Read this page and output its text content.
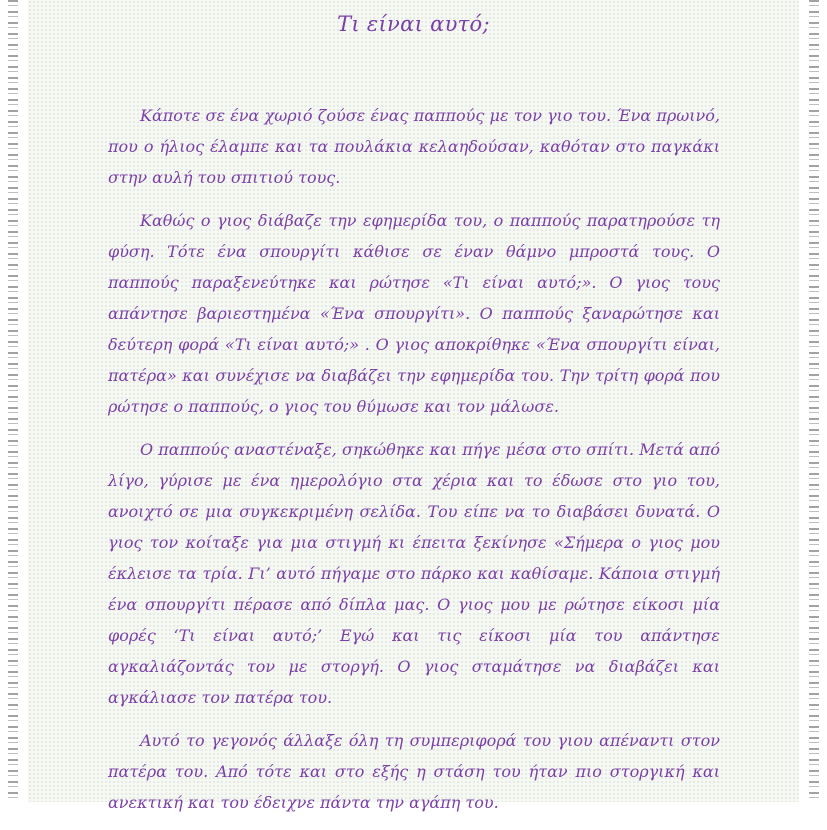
Τι είναι αυτό;

Κάποτε σε ένα χωριό ζούσε ένας παππούς με τον γιο του. Ένα πρωινό, που ο ήλιος έλαμπε και τα πουλάκια κελαηδούσαν, καθόταν στο παγκάκι στην αυλή του σπιτιού τους.

Καθώς ο γιος διάβαζε την εφημερίδα του, ο παππούς παρατηρούσε τη φύση. Τότε ένα σπουργίτι κάθισε σε έναν θάμνο μπροστά τους. Ο παππούς παραξενεύτηκε και ρώτησε «Τι είναι αυτό;». Ο γιος τους απάντησε βαριεστημένα «Ένα σπουργίτι». Ο παππούς ξαναρώτησε και δεύτερη φορά «Τι είναι αυτό;» . Ο γιος αποκρίθηκε «Ένα σπουργίτι είναι, πατέρα» και συνέχισε να διαβάζει την εφημερίδα του. Την τρίτη φορά που ρώτησε ο παππούς, ο γιος του θύμωσε και τον μάλωσε.

Ο παππούς αναστέναξε, σηκώθηκε και πήγε μέσα στο σπίτι. Μετά από λίγο, γύρισε με ένα ημερολόγιο στα χέρια και το έδωσε στο γιο του, ανοιχτό σε μια συγκεκριμένη σελίδα. Του είπε να το διαβάσει δυνατά. Ο γιος τον κοίταξε για μια στιγμή κι έπειτα ξεκίνησε «Σήμερα ο γιος μου έκλεισε τα τρία. Γι’ αυτό πήγαμε στο πάρκο και καθίσαμε. Κάποια στιγμή ένα σπουργίτι πέρασε από δίπλα μας. Ο γιος μου με ρώτησε είκοσι μία φορές ‘Τι είναι αυτό;’ Εγώ και τις είκοσι μία του απάντησε αγκαλιάζοντάς τον με στοργή. Ο γιος σταμάτησε να διαβάζει και αγκάλιασε τον πατέρα του.

Αυτό το γεγονός άλλαξε όλη τη συμπεριφορά του γιου απέναντι στον πατέρα του. Από τότε και στο εξής η στάση του ήταν πιο στοργική και ανεκτική και του έδειχνε πάντα την αγάπη του.
